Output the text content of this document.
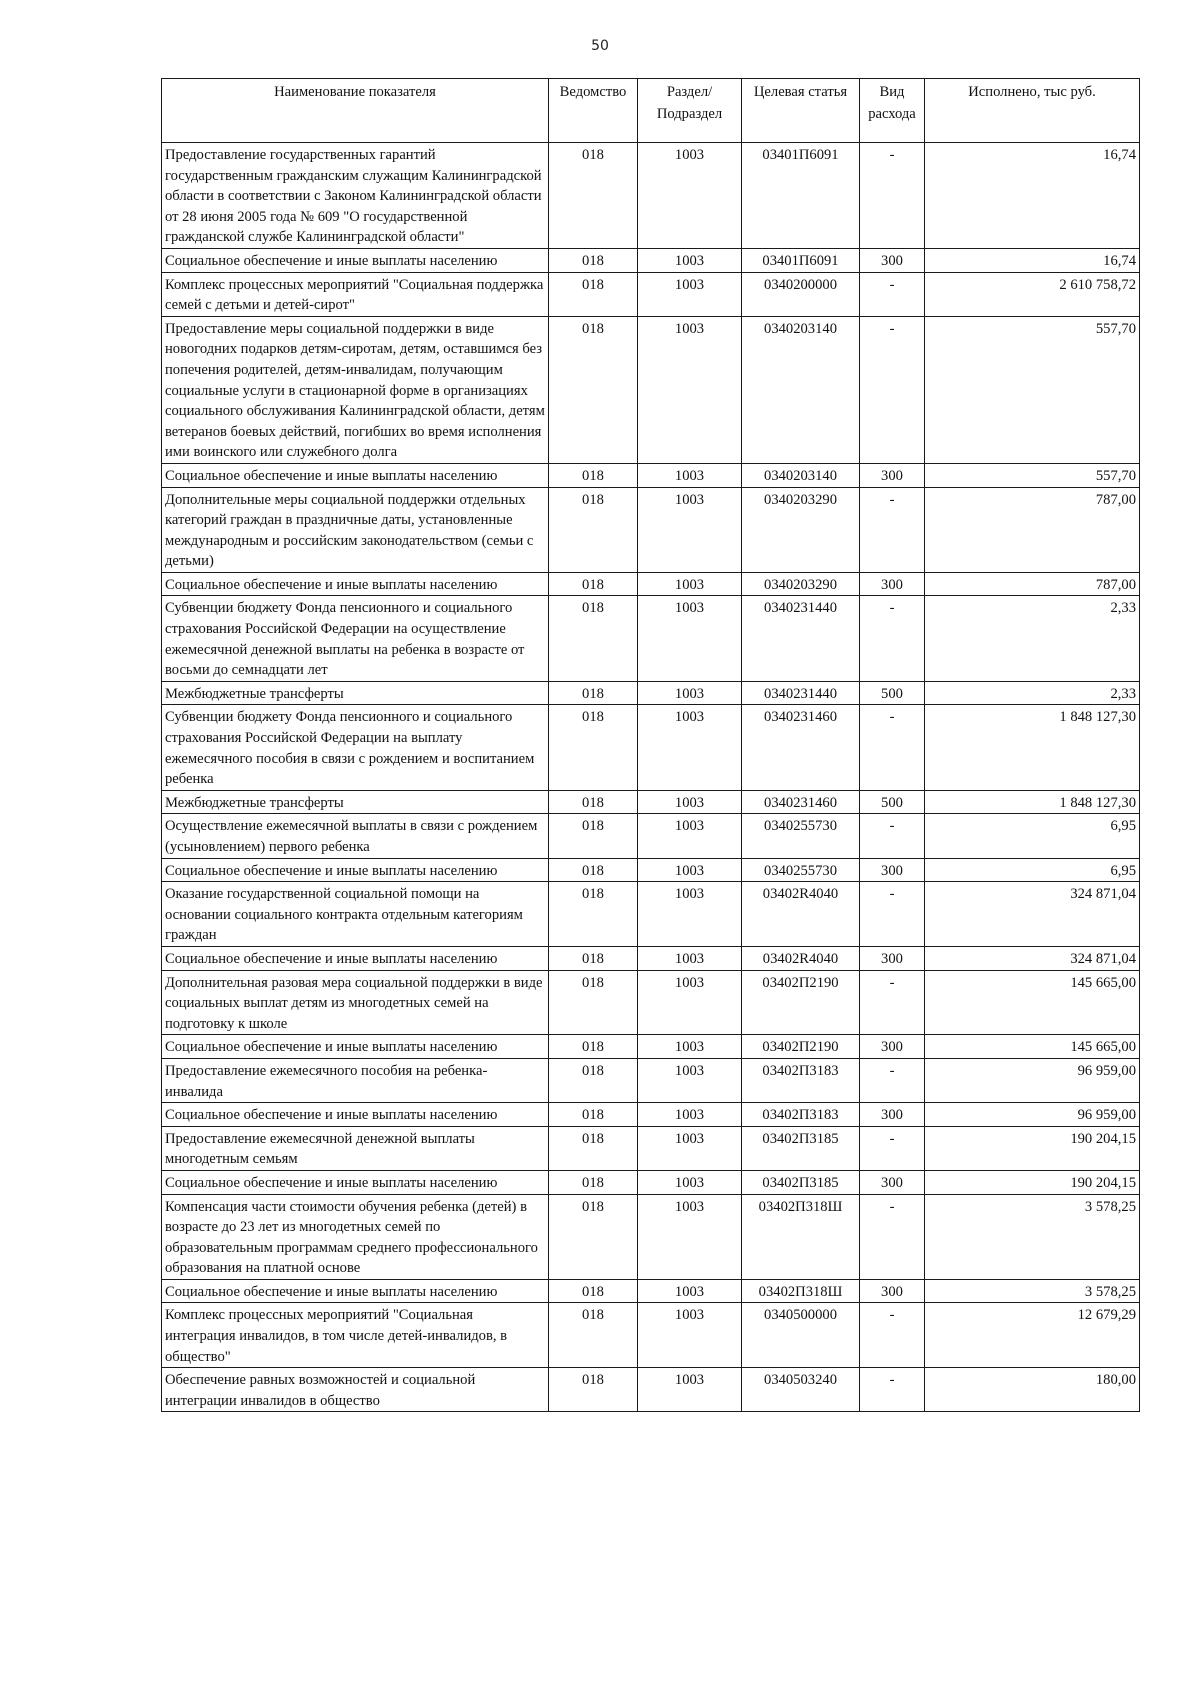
50
Наименование показателя	Ведомство	Раздел/ Подраздел	Целевая статья	Вид расхода	Исполнено, тыс руб.
Предоставление государственных гарантий государственным гражданским служащим Калининградской области в соответствии с Законом Калининградской области от 28 июня 2005 года № 609 "О государственной гражданской службе Калининградской области"	018	1003	03401П6091	-	16,74
Социальное обеспечение и иные выплаты населению	018	1003	03401П6091	300	16,74
Комплекс процессных мероприятий "Социальная поддержка семей с детьми и детей-сирот"	018	1003	0340200000	-	2 610 758,72
Предоставление меры социальной поддержки в виде новогодних подарков детям-сиротам, детям, оставшимся без попечения родителей, детям-инвалидам, получающим социальные услуги в стационарной форме в организациях социального обслуживания Калининградской области, детям ветеранов боевых действий, погибших во время исполнения ими воинского или служебного долга	018	1003	0340203140	-	557,70
Социальное обеспечение и иные выплаты населению	018	1003	0340203140	300	557,70
Дополнительные меры социальной поддержки отдельных категорий граждан в праздничные даты, установленные международным и российским законодательством (семьи с детьми)	018	1003	0340203290	-	787,00
Социальное обеспечение и иные выплаты населению	018	1003	0340203290	300	787,00
Субвенции бюджету Фонда пенсионного и социального страхования Российской Федерации на осуществление ежемесячной денежной выплаты на ребенка в возрасте от восьми до семнадцати лет	018	1003	0340231440	-	2,33
Межбюджетные трансферты	018	1003	0340231440	500	2,33
Субвенции бюджету Фонда пенсионного и социального страхования Российской Федерации на выплату ежемесячного пособия в связи с рождением и воспитанием ребенка	018	1003	0340231460	-	1 848 127,30
Межбюджетные трансферты	018	1003	0340231460	500	1 848 127,30
Осуществление ежемесячной выплаты в связи с рождением (усыновлением) первого ребенка	018	1003	0340255730	-	6,95
Социальное обеспечение и иные выплаты населению	018	1003	0340255730	300	6,95
Оказание государственной социальной помощи на основании социального контракта отдельным категориям граждан	018	1003	03402R4040	-	324 871,04
Социальное обеспечение и иные выплаты населению	018	1003	03402R4040	300	324 871,04
Дополнительная разовая мера социальной поддержки в виде социальных выплат детям из многодетных семей на подготовку к школе	018	1003	03402П2190	-	145 665,00
Социальное обеспечение и иные выплаты населению	018	1003	03402П2190	300	145 665,00
Предоставление ежемесячного пособия на ребенка-инвалида	018	1003	03402П3183	-	96 959,00
Социальное обеспечение и иные выплаты населению	018	1003	03402П3183	300	96 959,00
Предоставление ежемесячной денежной выплаты многодетным семьям	018	1003	03402П3185	-	190 204,15
Социальное обеспечение и иные выплаты населению	018	1003	03402П3185	300	190 204,15
Компенсация части стоимости обучения ребенка (детей) в возрасте до 23 лет из многодетных семей по образовательным программам среднего профессионального образования на платной основе	018	1003	03402П318Ш	-	3 578,25
Социальное обеспечение и иные выплаты населению	018	1003	03402П318Ш	300	3 578,25
Комплекс процессных мероприятий "Социальная интеграция инвалидов, в том числе детей-инвалидов, в общество"	018	1003	0340500000	-	12 679,29
Обеспечение равных возможностей и социальной интеграции инвалидов в общество	018	1003	0340503240	-	180,00
